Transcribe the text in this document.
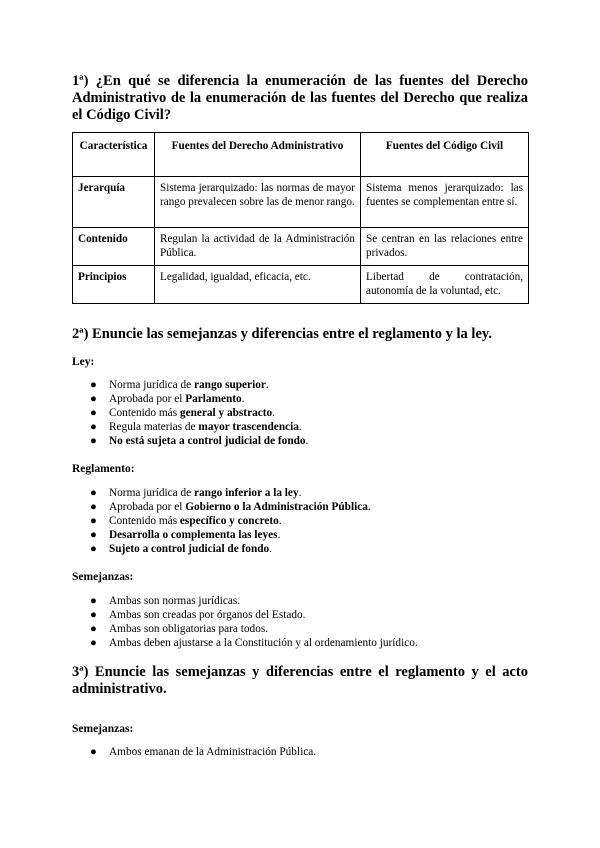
1ª) ¿En qué se diferencia la enumeración de las fuentes del Derecho Administrativo de la enumeración de las fuentes del Derecho que realiza el Código Civil?
Característica	Fuentes del Derecho Administrativo	Fuentes del Código Civil
Jerarquía	Sistema jerarquizado: las normas de mayor rango prevalecen sobre las de menor rango.	Sistema menos jerarquizado: las fuentes se complementan entre sí.
Contenido	Regulan la actividad de la Administración Pública.	Se centran en las relaciones entre privados.
Principios	Legalidad, igualdad, eficacia, etc.	Libertad de contratación, autonomía de la voluntad, etc.
2ª) Enuncie las semejanzas y diferencias entre el reglamento y la ley.

Ley:

● Norma jurídica de rango superior.
● Aprobada por el Parlamento.
● Contenido más general y abstracto.
● Regula materias de mayor trascendencia.
● No está sujeta a control judicial de fondo.

Reglamento:

● Norma jurídica de rango inferior a la ley.
● Aprobada por el Gobierno o la Administración Pública.
● Contenido más específico y concreto.
● Desarrolla o complementa las leyes.
● Sujeto a control judicial de fondo.

Semejanzas:

● Ambas son normas jurídicas.
● Ambas son creadas por órganos del Estado.
● Ambas son obligatorias para todos.
● Ambas deben ajustarse a la Constitución y al ordenamiento jurídico.
3ª) Enuncie las semejanzas y diferencias entre el reglamento y el acto administrativo.

Semejanzas:

● Ambos emanan de la Administración Pública.
